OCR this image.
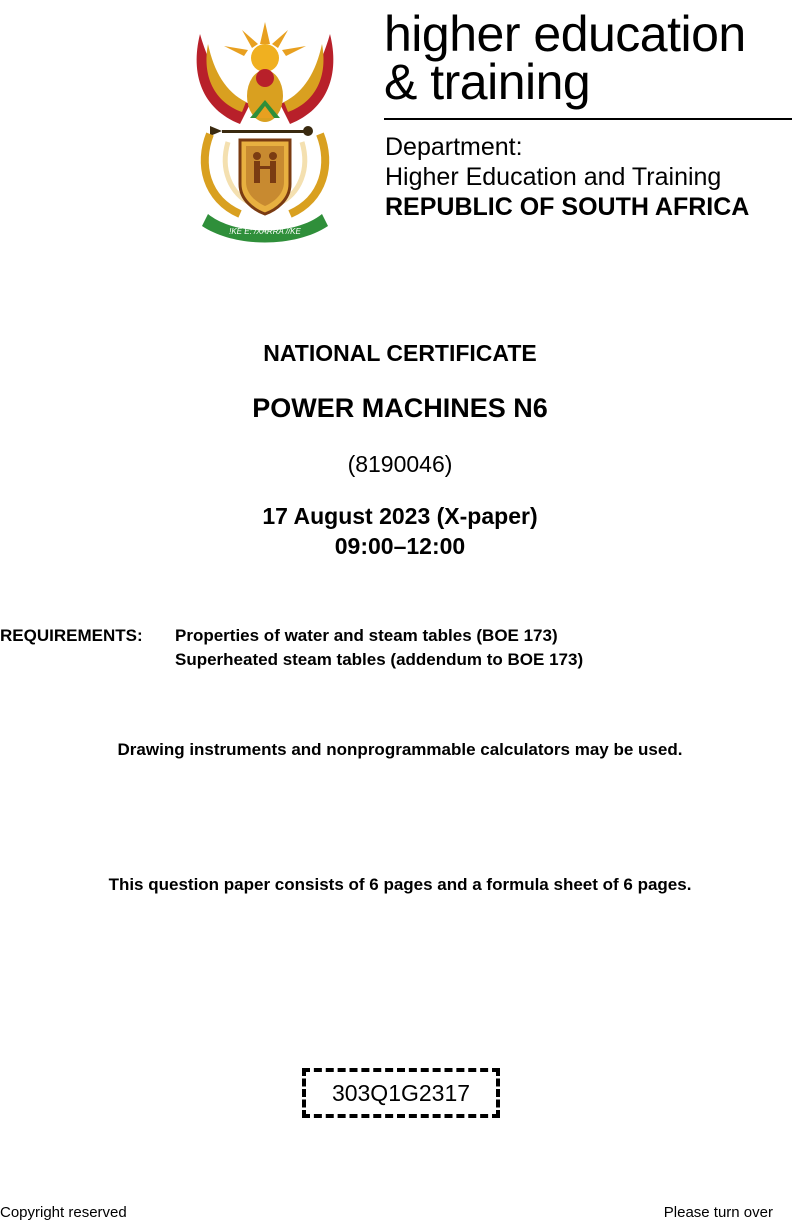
!KE E: /XARRA //KE
higher education
& training
Department:
Higher Education and Training
REPUBLIC OF SOUTH AFRICA
NATIONAL CERTIFICATE
POWER MACHINES N6
(8190046)
17 August 2023 (X-paper)
09:00–12:00
REQUIREMENTS: Properties of water and steam tables (BOE 173)
Superheated steam tables (addendum to BOE 173)
Drawing instruments and nonprogrammable calculators may be used.
This question paper consists of 6 pages and a formula sheet of 6 pages.
303Q1G2317
Copyright reserved	Please turn over
